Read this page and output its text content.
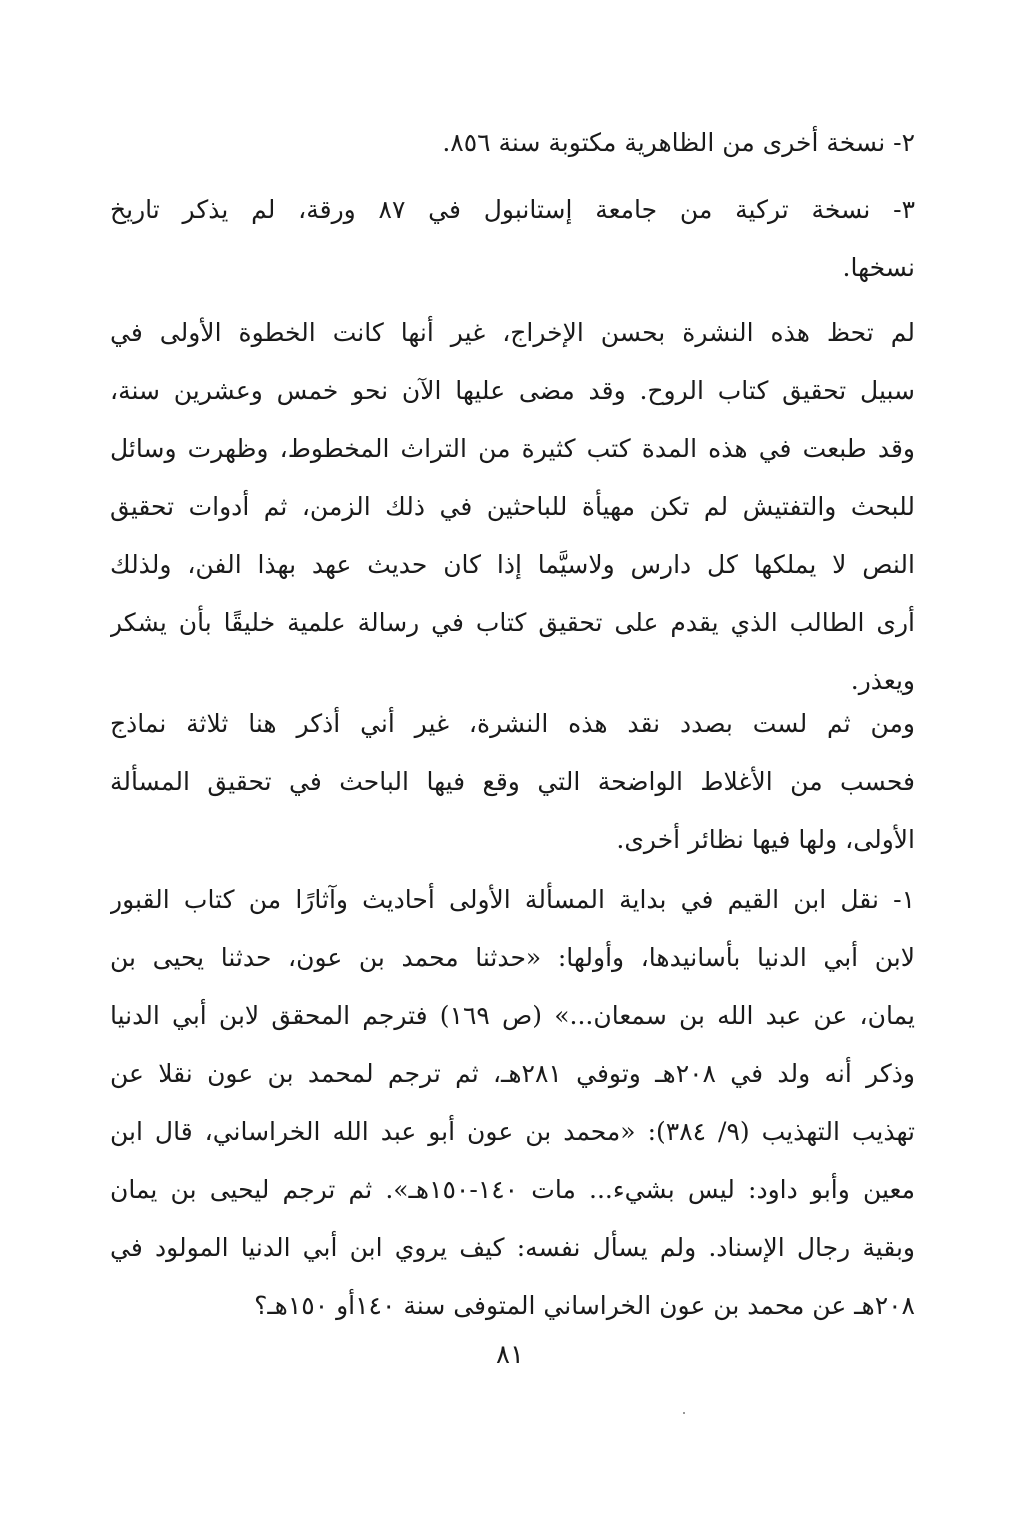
٢- نسخة أخرى من الظاهرية مكتوبة سنة ٨٥٦.
٣- نسخة تركية من جامعة إستانبول في ٨٧ ورقة، لم يذكر تاريخ
نسخها.
لم تحظ هذه النشرة بحسن الإخراج، غير أنها كانت الخطوة الأولى في
سبيل تحقيق كتاب الروح. وقد مضى عليها الآن نحو خمس وعشرين سنة،
وقد طبعت في هذه المدة كتب كثيرة من التراث المخطوط، وظهرت وسائل
للبحث والتفتيش لم تكن مهيأة للباحثين في ذلك الزمن، ثم أدوات تحقيق
النص لا يملكها كل دارس ولاسيَّما إذا كان حديث عهد بهذا الفن، ولذلك
أرى الطالب الذي يقدم على تحقيق كتاب في رسالة علمية خليقًا بأن يشكر
ويعذر.
ومن ثم لست بصدد نقد هذه النشرة، غير أني أذكر هنا ثلاثة نماذج
فحسب من الأغلاط الواضحة التي وقع فيها الباحث في تحقيق المسألة
الأولى، ولها فيها نظائر أخرى.
١- نقل ابن القيم في بداية المسألة الأولى أحاديث وآثارًا من كتاب القبور
لابن أبي الدنيا بأسانيدها، وأولها: «حدثنا محمد بن عون، حدثنا يحيى بن
يمان، عن عبد الله بن سمعان...» (ص ١٦٩) فترجم المحقق لابن أبي الدنيا
وذكر أنه ولد في ٢٠٨هـ وتوفي ٢٨١هـ، ثم ترجم لمحمد بن عون نقلا عن
تهذيب التهذيب (٩/ ٣٨٤): «محمد بن عون أبو عبد الله الخراساني، قال ابن
معين وأبو داود: ليس بشيء... مات ١٤٠-١٥٠هـ». ثم ترجم ليحيى بن يمان
وبقية رجال الإسناد. ولم يسأل نفسه: كيف يروي ابن أبي الدنيا المولود في
٢٠٨هـ عن محمد بن عون الخراساني المتوفى سنة ١٤٠أو ١٥٠هـ؟
٨١
